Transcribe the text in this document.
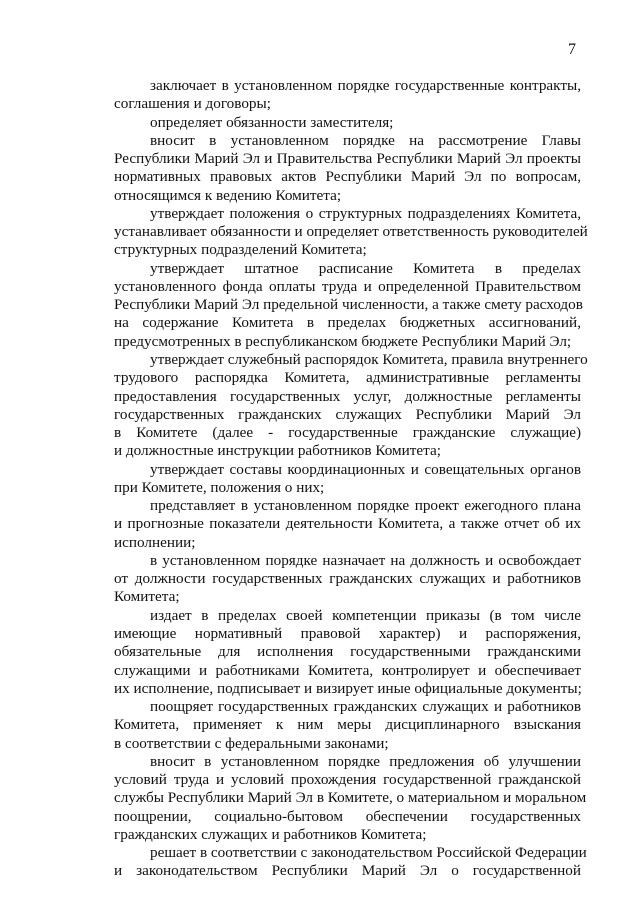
7
заключает в установленном порядке государственные контракты,
соглашения и договоры;
определяет обязанности заместителя;
вносит в установленном порядке на рассмотрение Главы
Республики Марий Эл и Правительства Республики Марий Эл проекты
нормативных правовых актов Республики Марий Эл по вопросам,
относящимся к ведению Комитета;
утверждает положения о структурных подразделениях Комитета,
устанавливает обязанности и определяет ответственность руководителей
структурных подразделений Комитета;
утверждает штатное расписание Комитета в пределах
установленного фонда оплаты труда и определенной Правительством
Республики Марий Эл предельной численности, а также смету расходов
на содержание Комитета в пределах бюджетных ассигнований,
предусмотренных в республиканском бюджете Республики Марий Эл;
утверждает служебный распорядок Комитета, правила внутреннего
трудового распорядка Комитета, административные регламенты
предоставления государственных услуг, должностные регламенты
государственных гражданских служащих Республики Марий Эл
в Комитете (далее - государственные гражданские служащие)
и должностные инструкции работников Комитета;
утверждает составы координационных и совещательных органов
при Комитете, положения о них;
представляет в установленном порядке проект ежегодного плана
и прогнозные показатели деятельности Комитета, а также отчет об их
исполнении;
в установленном порядке назначает на должность и освобождает
от должности государственных гражданских служащих и работников
Комитета;
издает в пределах своей компетенции приказы (в том числе
имеющие нормативный правовой характер) и распоряжения,
обязательные для исполнения государственными гражданскими
служащими и работниками Комитета, контролирует и обеспечивает
их исполнение, подписывает и визирует иные официальные документы;
поощряет государственных гражданских служащих и работников
Комитета, применяет к ним меры дисциплинарного взыскания
в соответствии с федеральными законами;
вносит в установленном порядке предложения об улучшении
условий труда и условий прохождения государственной гражданской
службы Республики Марий Эл в Комитете, о материальном и моральном
поощрении, социально-бытовом обеспечении государственных
гражданских служащих и работников Комитета;
решает в соответствии с законодательством Российской Федерации
и законодательством Республики Марий Эл о государственной
